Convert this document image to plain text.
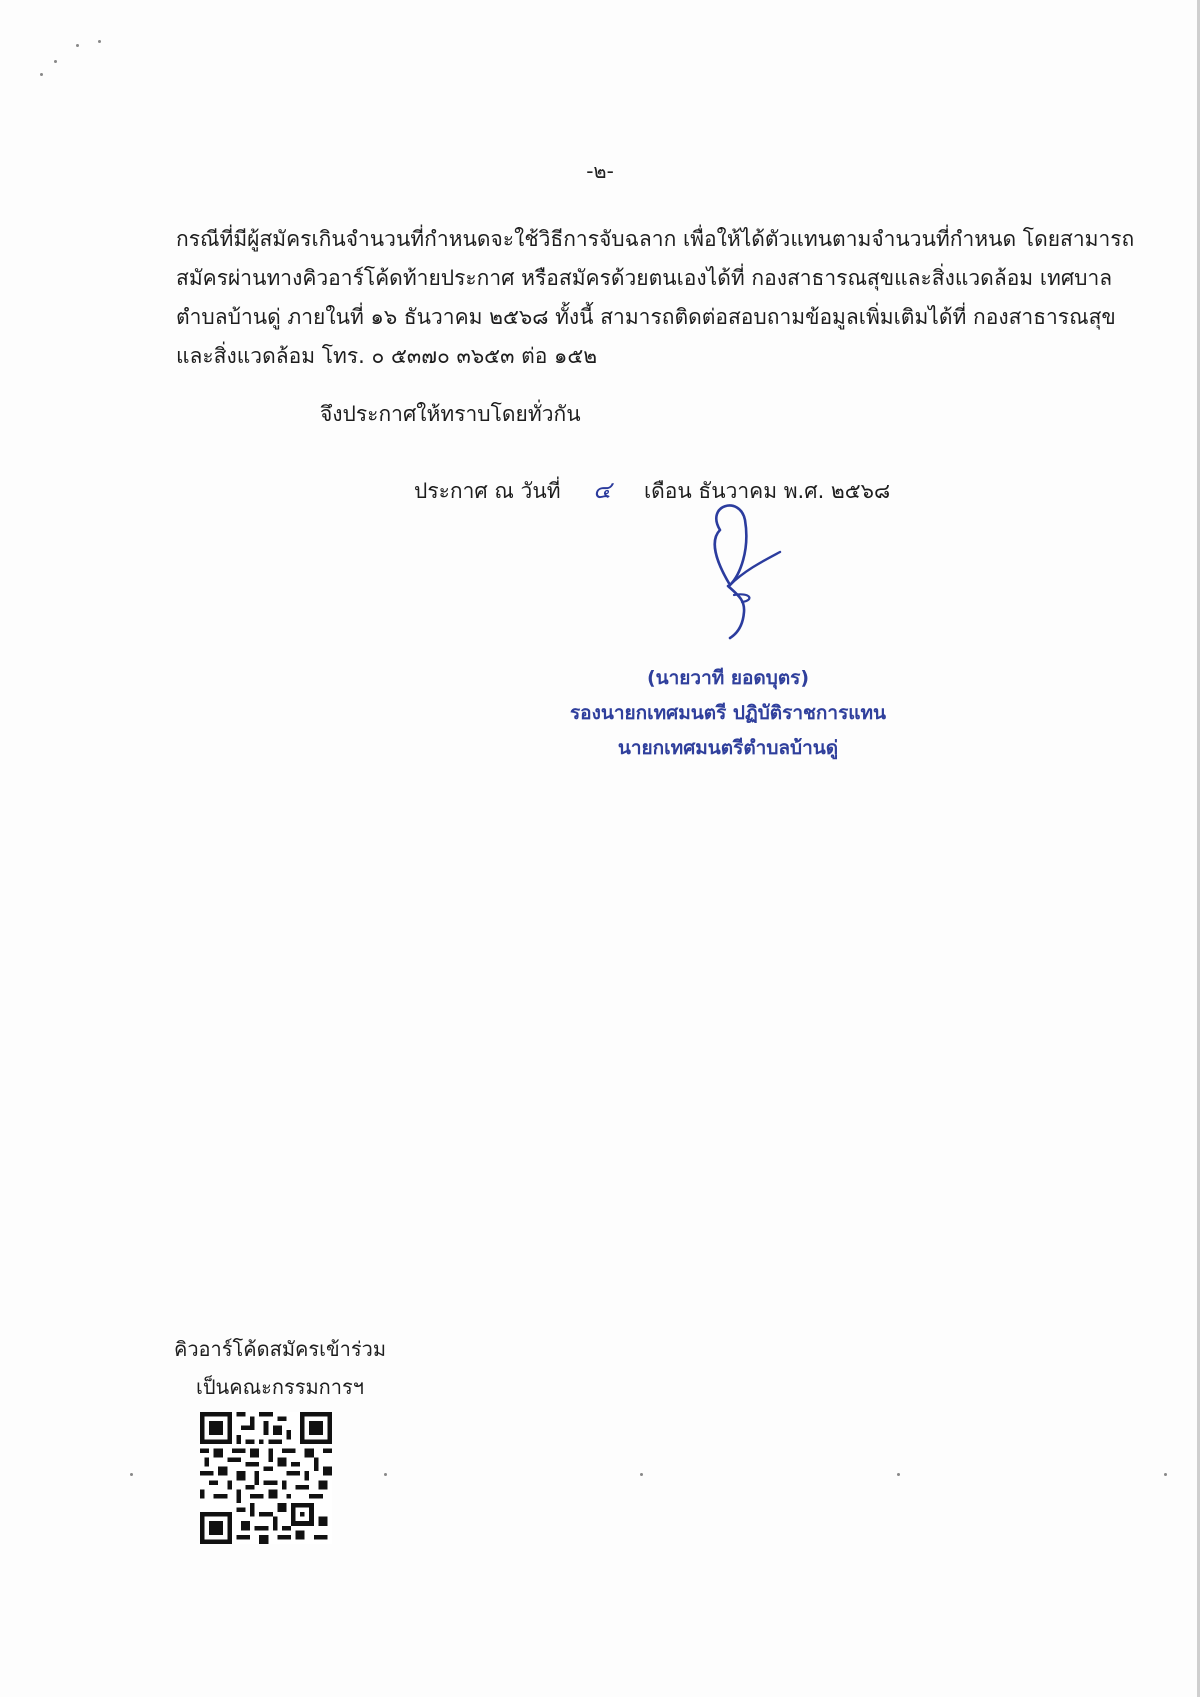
-๒-
กรณีที่มีผู้สมัครเกินจำนวนที่กำหนดจะใช้วิธีการจับฉลาก เพื่อให้ได้ตัวแทนตามจำนวนที่กำหนด โดยสามารถ
สมัครผ่านทางคิวอาร์โค้ดท้ายประกาศ หรือสมัครด้วยตนเองได้ที่ กองสาธารณสุขและสิ่งแวดล้อม เทศบาล
ตำบลบ้านดู่ ภายในที่ ๑๖ ธันวาคม ๒๕๖๘ ทั้งนี้ สามารถติดต่อสอบถามข้อมูลเพิ่มเติมได้ที่ กองสาธารณสุข
และสิ่งแวดล้อม โทร. ๐ ๕๓๗๐ ๓๖๕๓ ต่อ ๑๕๒
จึงประกาศให้ทราบโดยทั่วกัน
ประกาศ ณ วันที่ ๔ เดือน ธันวาคม พ.ศ. ๒๕๖๘
(นายวาที ยอดบุตร)
รองนายกเทศมนตรี ปฏิบัติราชการแทน
นายกเทศมนตรีตำบลบ้านดู่
คิวอาร์โค้ดสมัครเข้าร่วม
เป็นคณะกรรมการฯ
